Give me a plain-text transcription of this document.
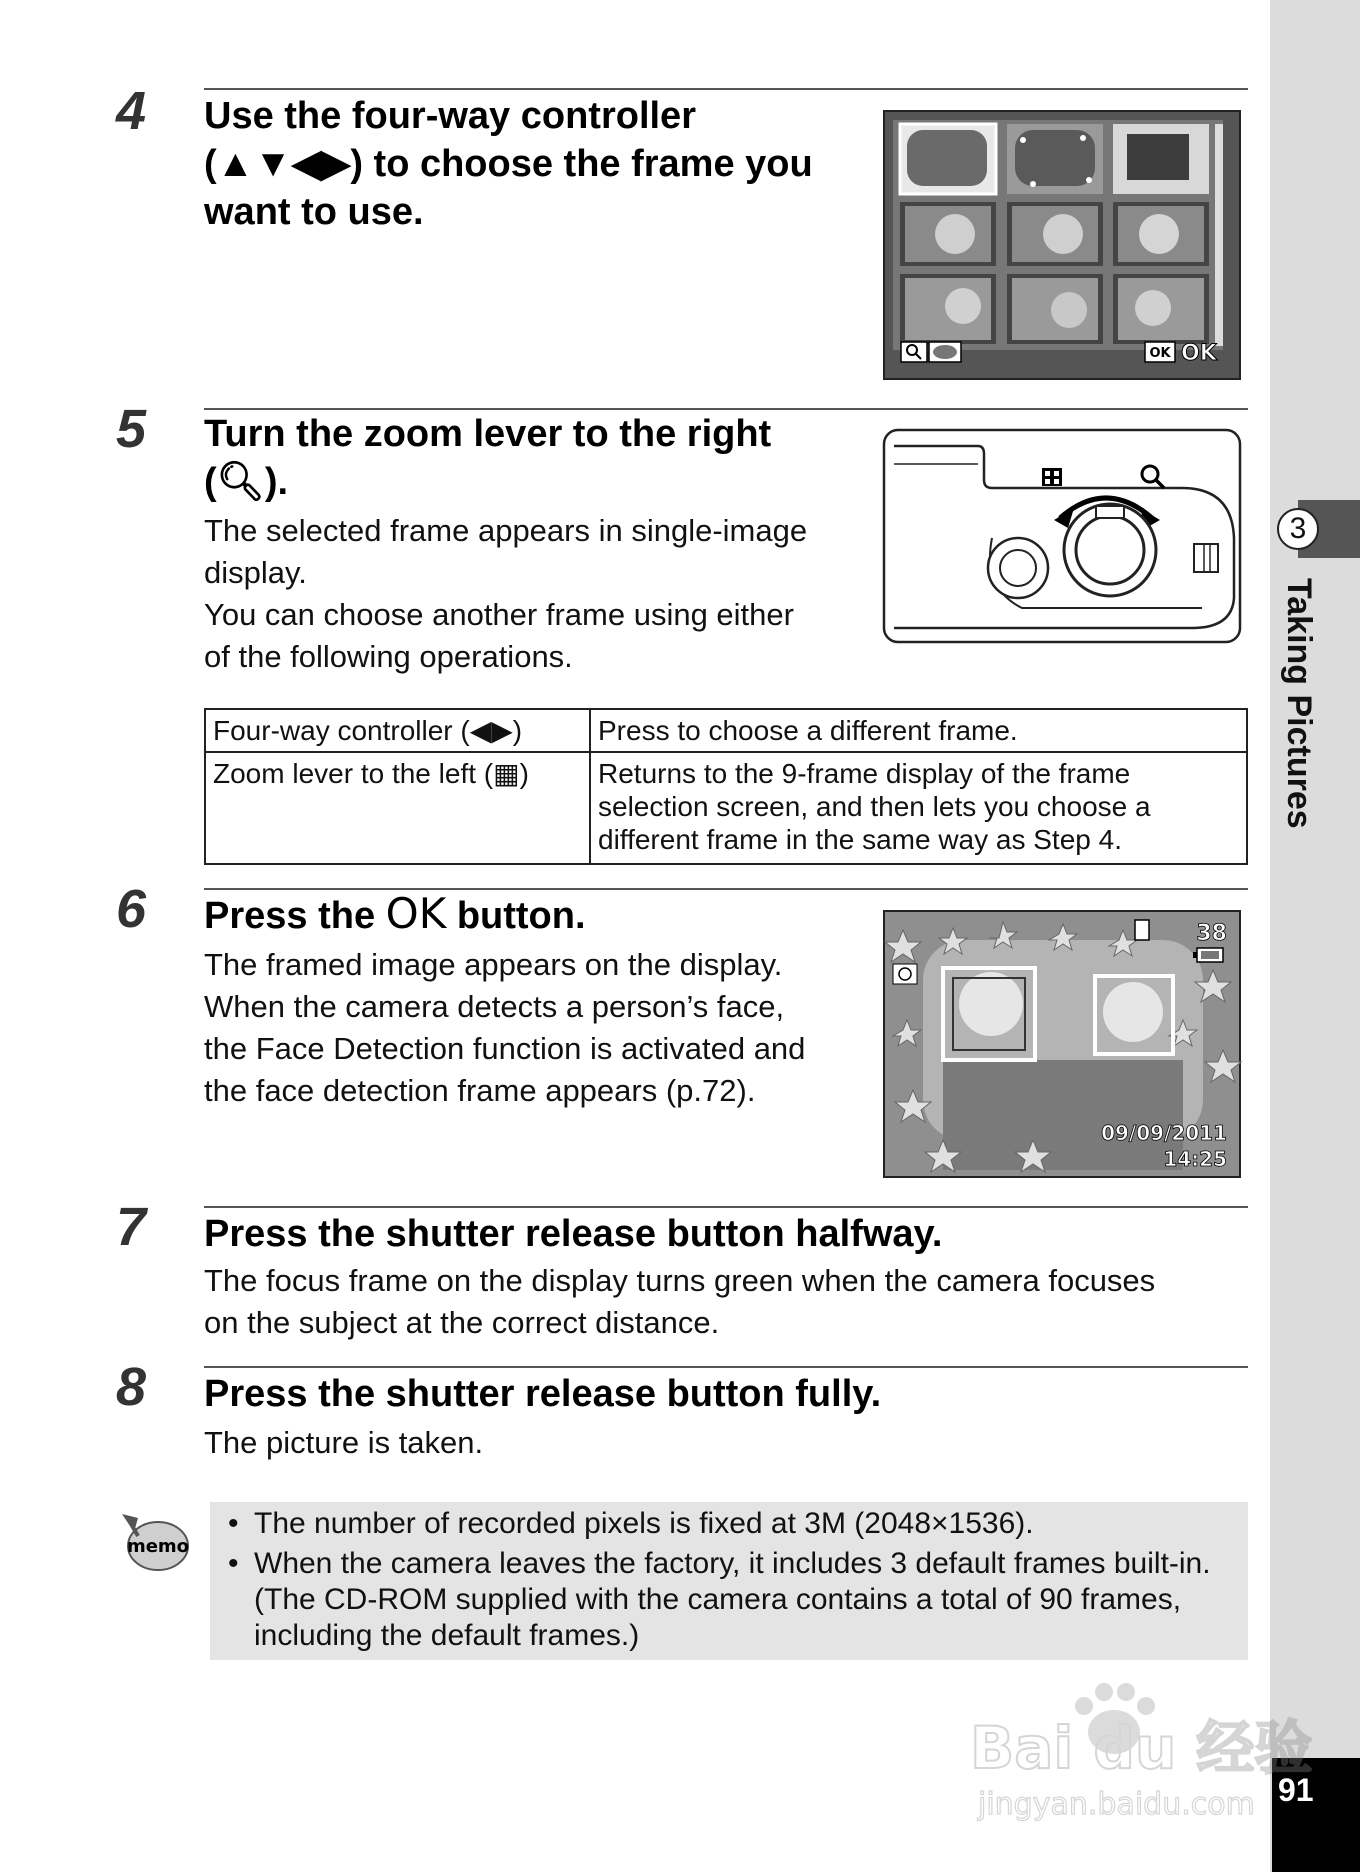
3
Taking Pictures
91
4 Use the four-way controller
(▲▼◀▶) to choose the frame you
want to use.
OK OK
5 Turn the zoom lever to the right
(🔍︎).
The selected frame appears in single-image
display.
You can choose another frame using either
of the following operations.
Four-way controller (◀▶)	Press to choose a different frame.
Zoom lever to the left (▦)	Returns to the 9-frame display of the frame selection screen, and then lets you choose a different frame in the same way as Step 4.
6 Press the OK button.
The framed image appears on the display.
When the camera detects a person’s face,
the Face Detection function is activated and
the face detection frame appears (p.72).
38
09/09/2011
14:25
7 Press the shutter release button halfway.
The focus frame on the display turns green when the camera focuses
on the subject at the correct distance.
8 Press the shutter release button fully.
The picture is taken.
memo
• The number of recorded pixels is fixed at 3M (2048×1536).
• When the camera leaves the factory, it includes 3 default frames built-in. (The CD-ROM supplied with the camera contains a total of 90 frames, including the default frames.)
Bai du 经验
jingyan.baidu.com
